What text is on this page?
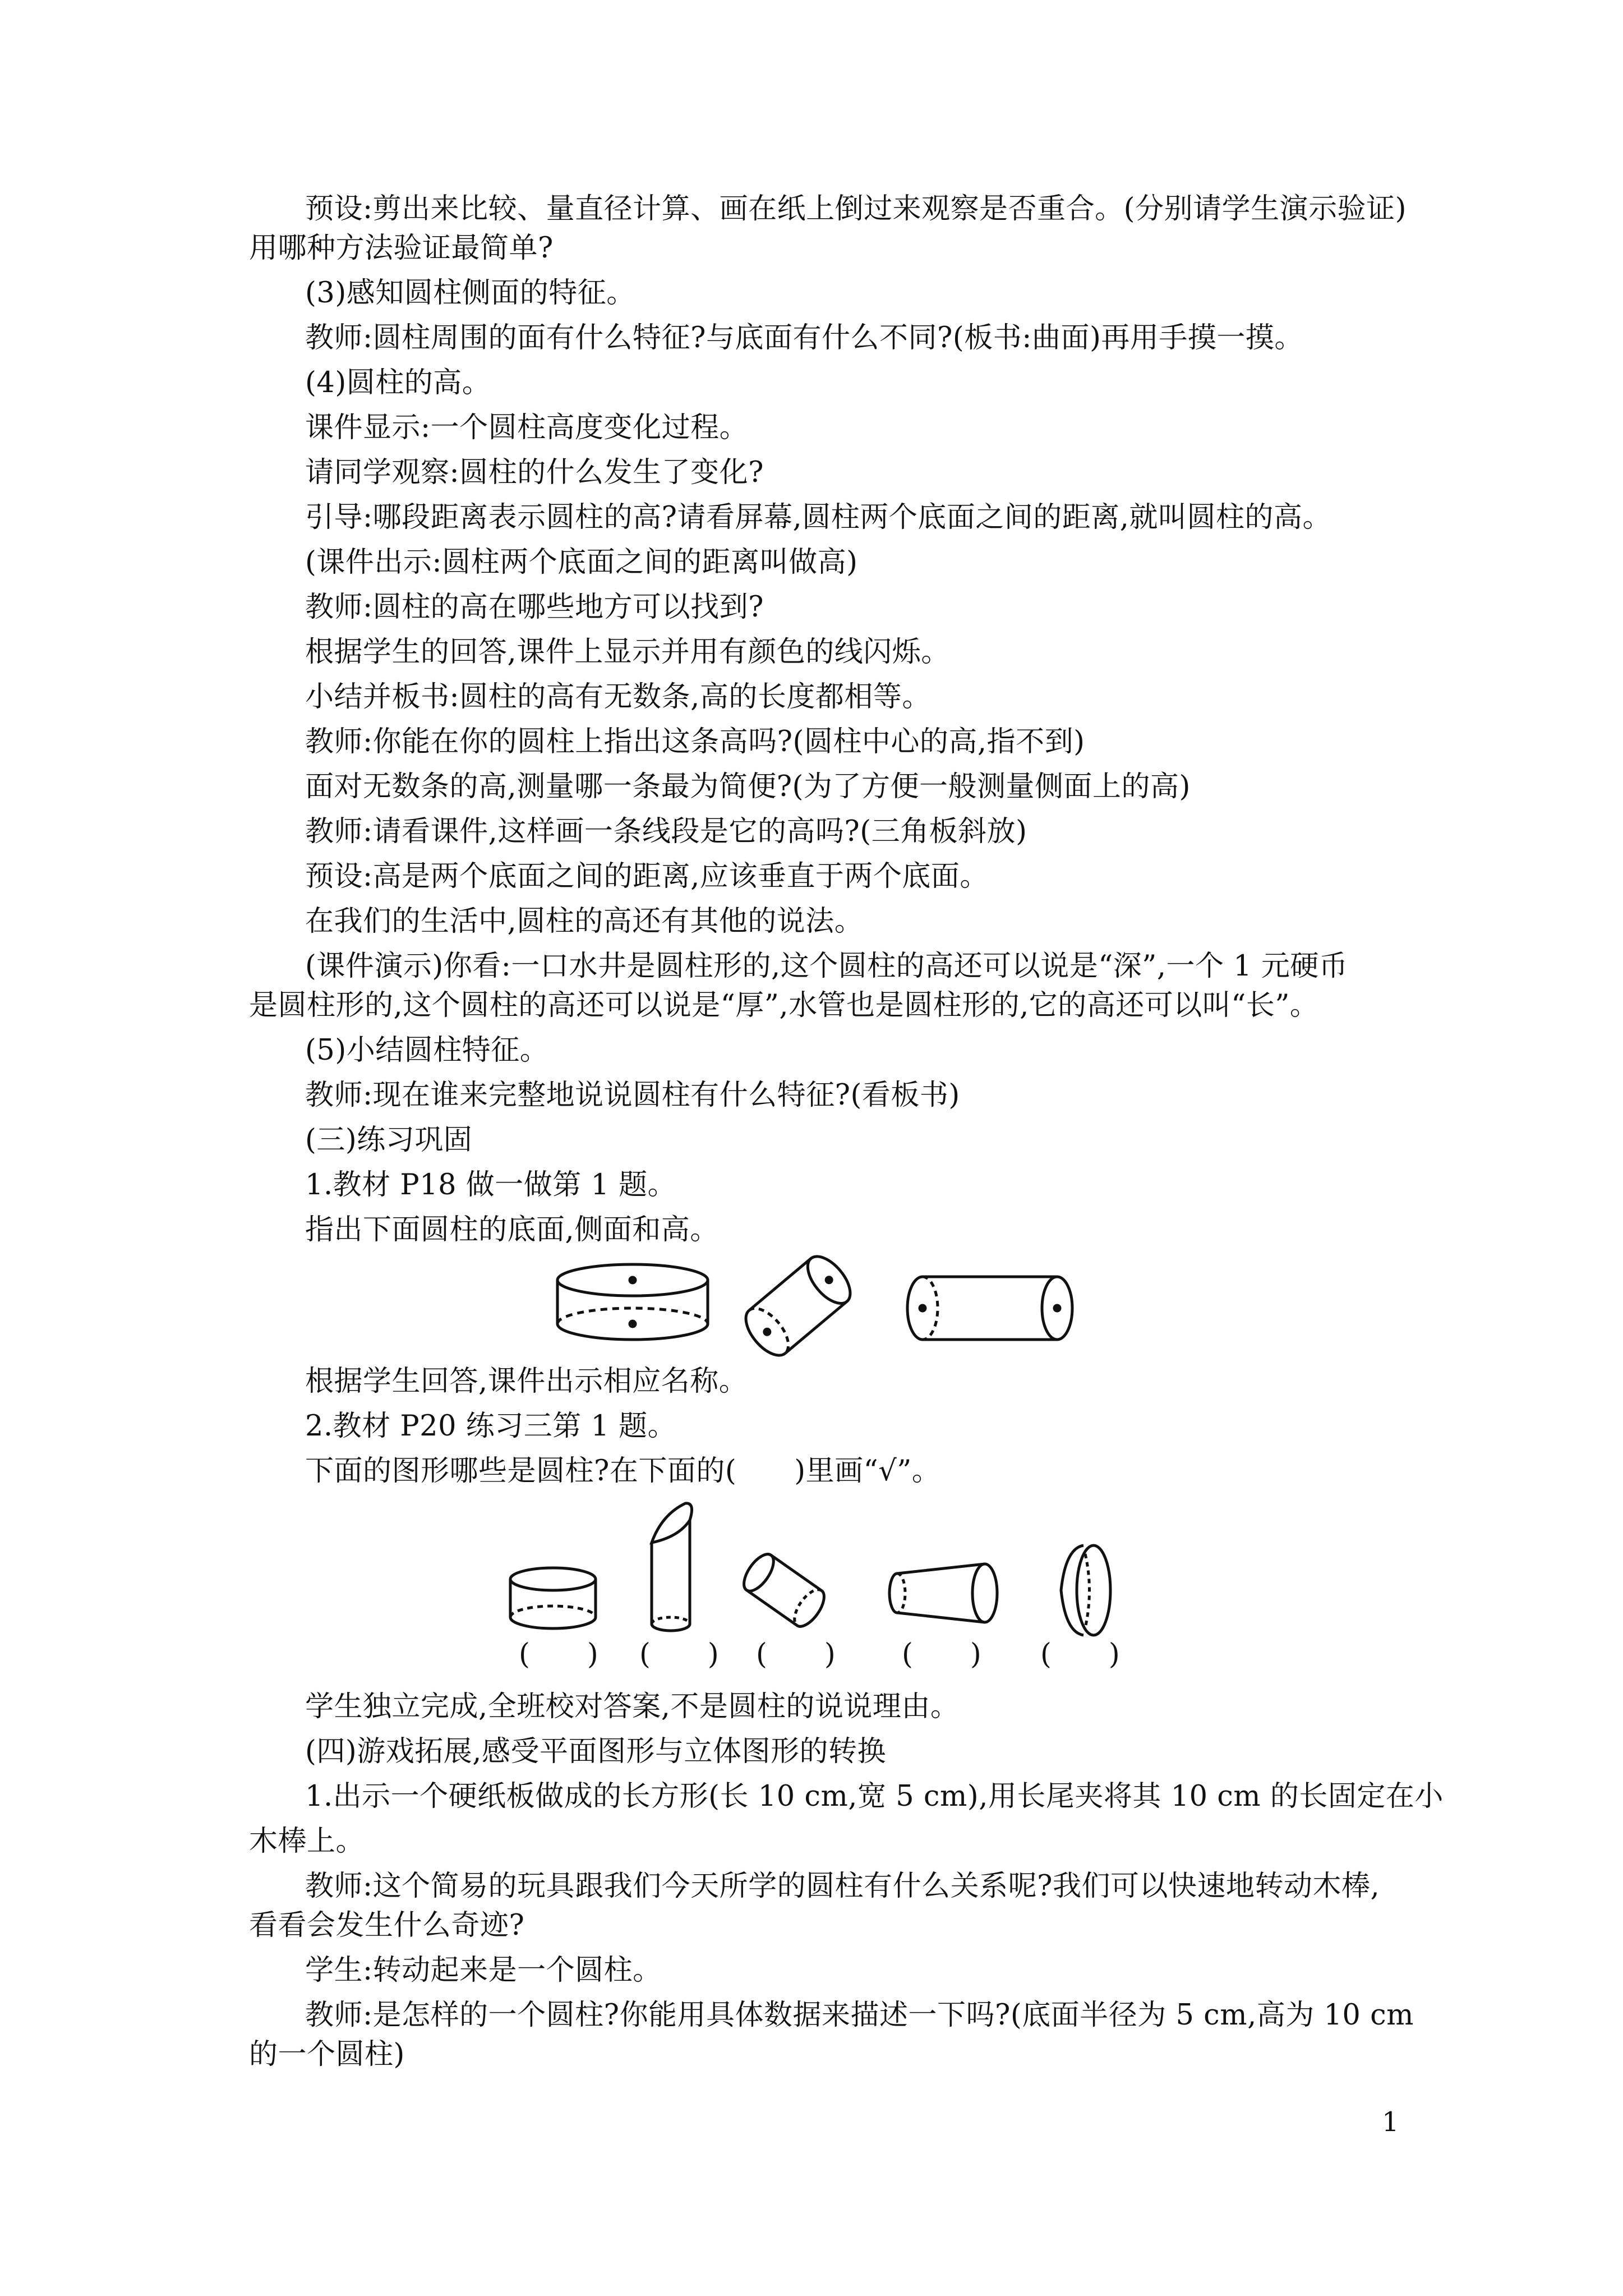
预设:剪出来比较、量直径计算、画在纸上倒过来观察是否重合。(分别请学生演示验证)
用哪种方法验证最简单?
(3)感知圆柱侧面的特征。
教师:圆柱周围的面有什么特征?与底面有什么不同?(板书:曲面)再用手摸一摸。
(4)圆柱的高。
课件显示:一个圆柱高度变化过程。
请同学观察:圆柱的什么发生了变化?
引导:哪段距离表示圆柱的高?请看屏幕,圆柱两个底面之间的距离,就叫圆柱的高。
(课件出示:圆柱两个底面之间的距离叫做高)
教师:圆柱的高在哪些地方可以找到?
根据学生的回答,课件上显示并用有颜色的线闪烁。
小结并板书:圆柱的高有无数条,高的长度都相等。
教师:你能在你的圆柱上指出这条高吗?(圆柱中心的高,指不到)
面对无数条的高,测量哪一条最为简便?(为了方便一般测量侧面上的高)
教师:请看课件,这样画一条线段是它的高吗?(三角板斜放)
预设:高是两个底面之间的距离,应该垂直于两个底面。
在我们的生活中,圆柱的高还有其他的说法。
(课件演示)你看:一口水井是圆柱形的,这个圆柱的高还可以说是“深”,一个 1 元硬币
是圆柱形的,这个圆柱的高还可以说是“厚”,水管也是圆柱形的,它的高还可以叫“长”。
(5)小结圆柱特征。
教师:现在谁来完整地说说圆柱有什么特征?(看板书)
(三)练习巩固
1.教材 P18 做一做第 1 题。
指出下面圆柱的底面,侧面和高。
根据学生回答,课件出示相应名称。
2.教材 P20 练习三第 1 题。
下面的图形哪些是圆柱?在下面的(　　)里画“√”。
(　　) (　　) (　　) (　　) (　　)
学生独立完成,全班校对答案,不是圆柱的说说理由。
(四)游戏拓展,感受平面图形与立体图形的转换
1.出示一个硬纸板做成的长方形(长 10 cm,宽 5 cm),用长尾夹将其 10 cm 的长固定在小
木棒上。
教师:这个简易的玩具跟我们今天所学的圆柱有什么关系呢?我们可以快速地转动木棒,
看看会发生什么奇迹?
学生:转动起来是一个圆柱。
教师:是怎样的一个圆柱?你能用具体数据来描述一下吗?(底面半径为 5 cm,高为 10 cm
的一个圆柱)
1
